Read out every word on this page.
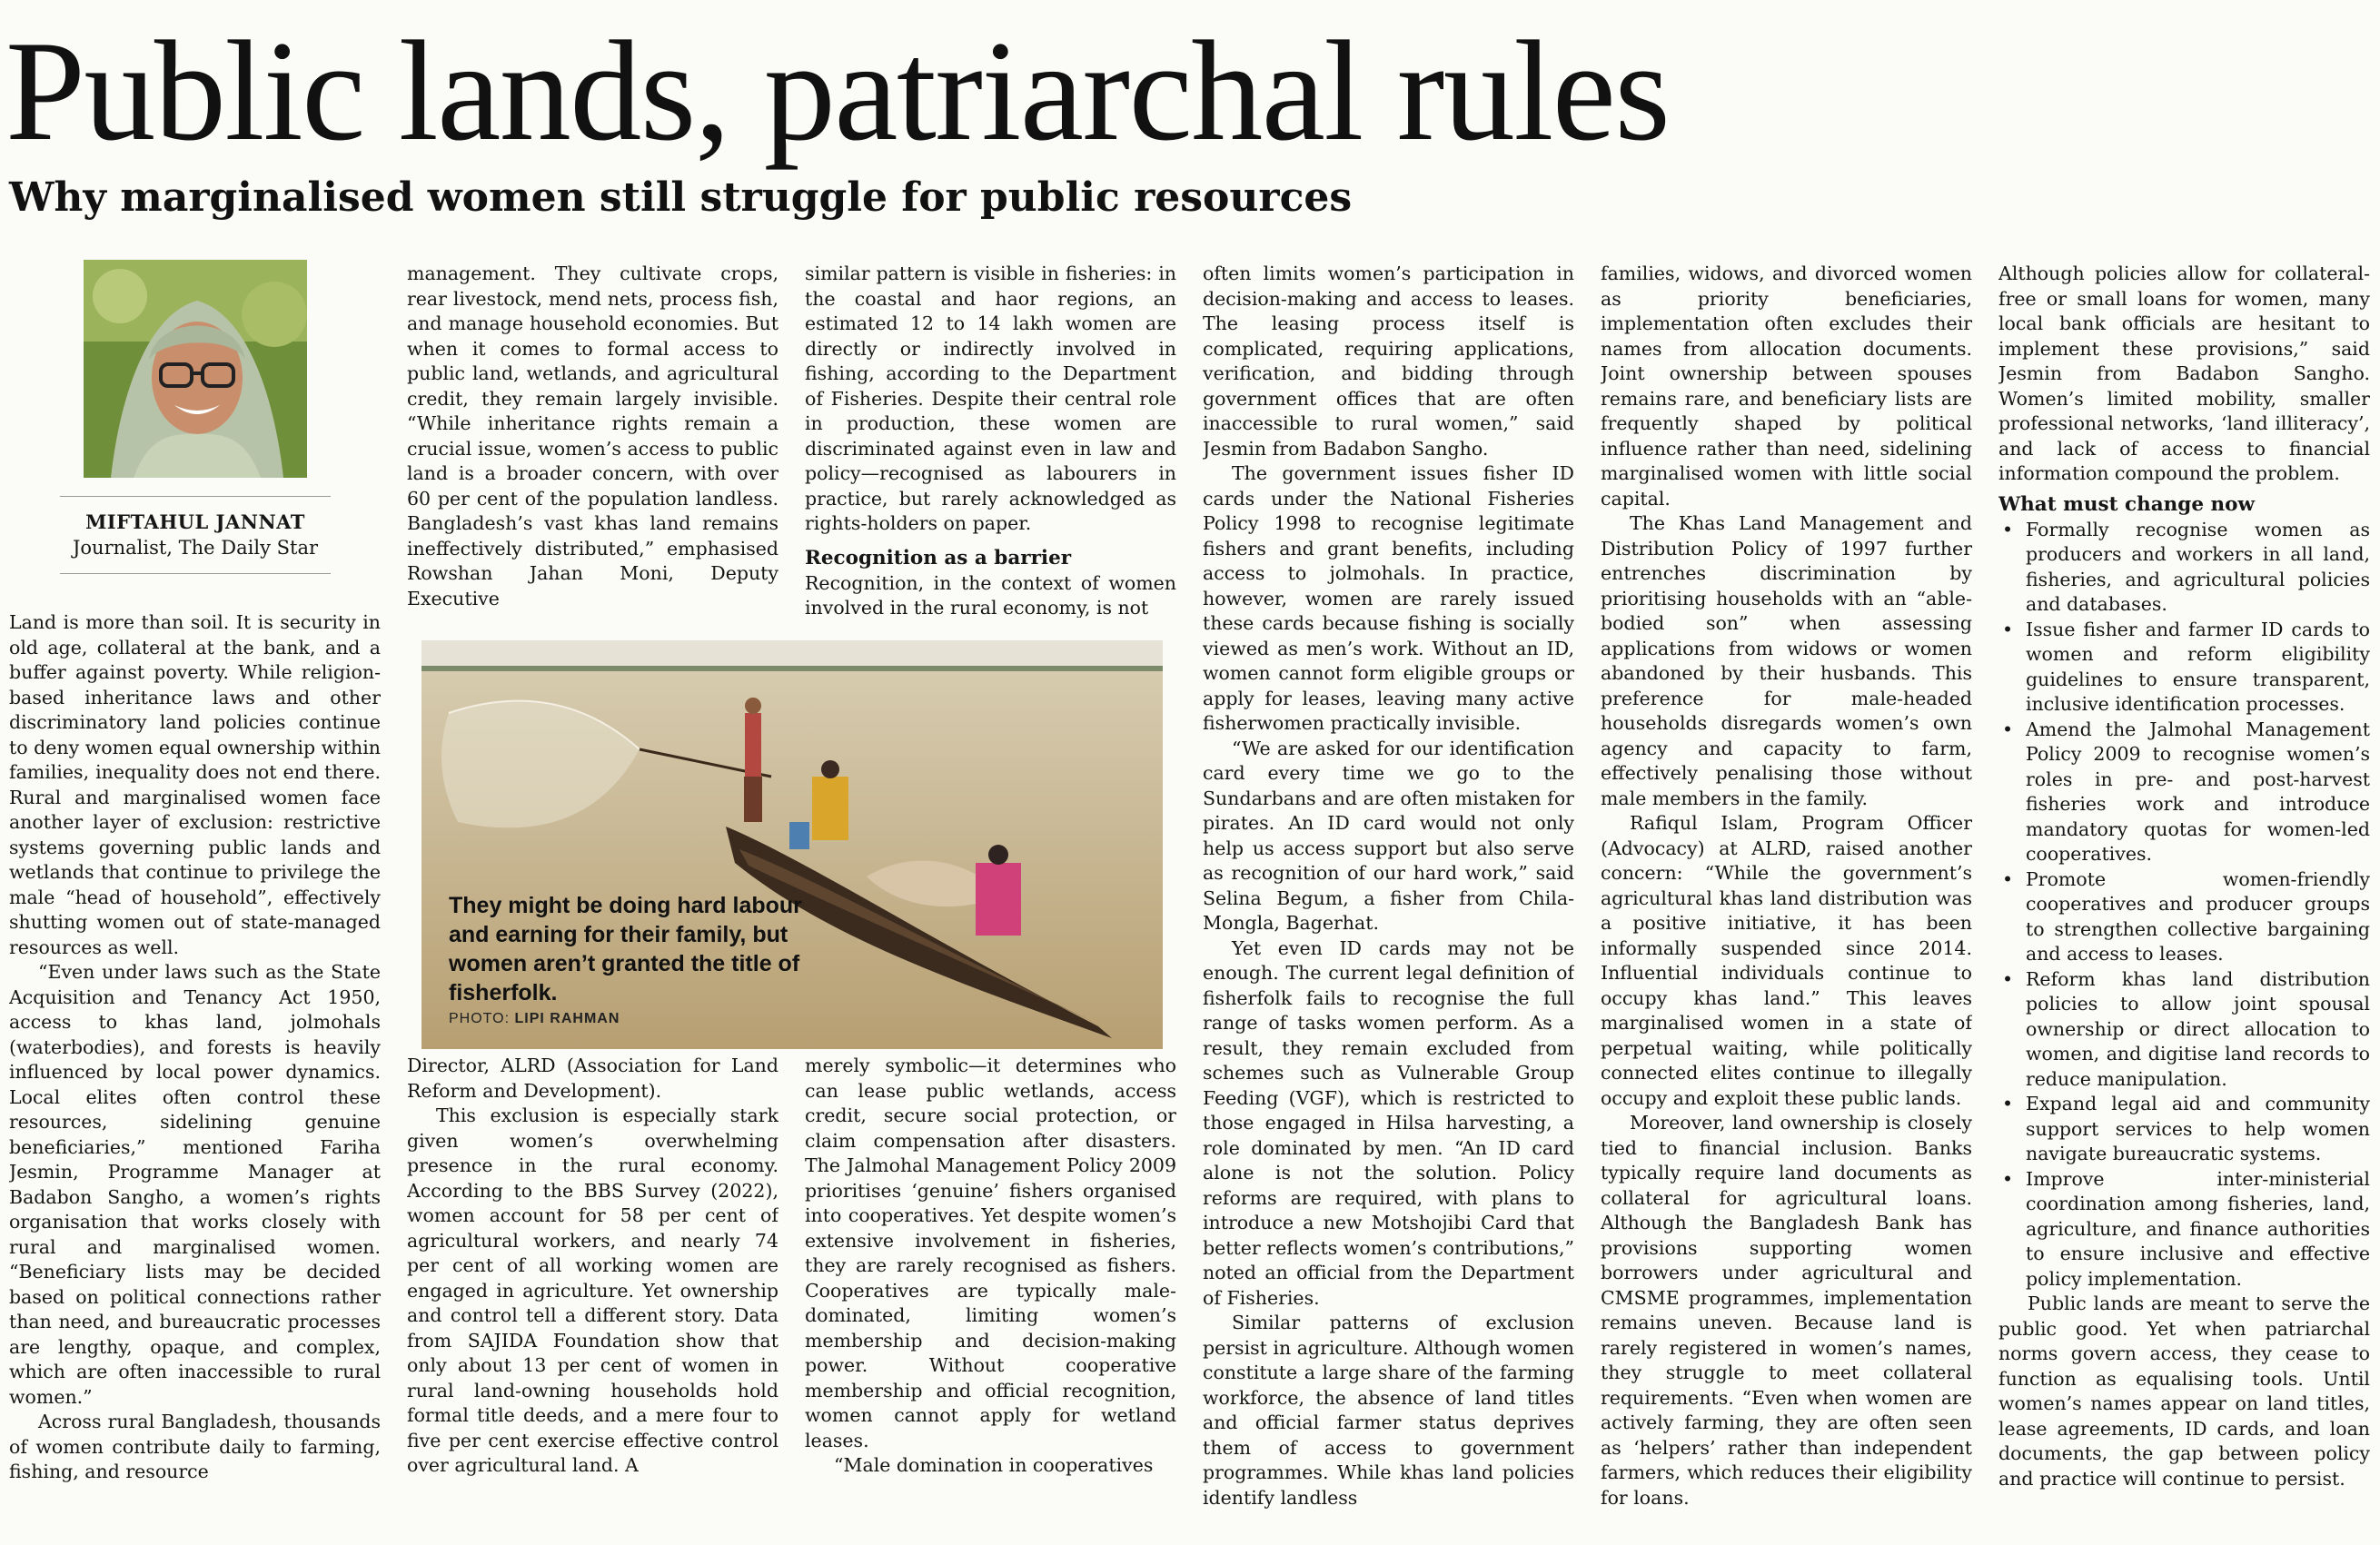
Public lands, patriarchal rules
Why marginalised women still struggle for public resources

MIFTAHUL JANNAT

Journalist, The Daily Star

Land is more than soil. It is security in old age, collateral at the bank, and a buffer against poverty. While religion-based inheritance laws and other discriminatory land policies continue to deny women equal ownership within families, inequality does not end there. Rural and marginalised women face another layer of exclusion: restrictive systems governing public lands and wetlands that continue to privilege the male “head of household”, effectively shutting women out of state-managed resources as well.

“Even under laws such as the State Acquisition and Tenancy Act 1950, access to khas land, jolmohals (waterbodies), and forests is heavily influenced by local power dynamics. Local elites often control these resources, sidelining genuine beneficiaries,” mentioned Fariha Jesmin, Programme Manager at Badabon Sangho, a women’s rights organisation that works closely with rural and marginalised women. “Beneficiary lists may be decided based on political connections rather than need, and bureaucratic processes are lengthy, opaque, and complex, which are often inaccessible to rural women.”

Across rural Bangladesh, thousands of women contribute daily to farming, fishing, and resource

management. They cultivate crops, rear livestock, mend nets, process fish, and manage household economies. But when it comes to formal access to public land, wetlands, and agricultural credit, they remain largely invisible. “While inheritance rights remain a crucial issue, women’s access to public land is a broader concern, with over 60 per cent of the population landless. Bangladesh’s vast khas land remains ineffectively distributed,” emphasised Rowshan Jahan Moni, Deputy Executive

similar pattern is visible in fisheries: in the coastal and haor regions, an estimated 12 to 14 lakh women are directly or indirectly involved in fishing, according to the Department of Fisheries. Despite their central role in production, these women are discriminated against even in law and policy—recognised as labourers in practice, but rarely acknowledged as rights-holders on paper.

Recognition as a barrier

Recognition, in the context of women involved in the rural economy, is not

They might be doing hard labour and earning for their family, but women aren’t granted the title of fisherfolk.
PHOTO: LIPI RAHMAN

Director, ALRD (Association for Land Reform and Development).

This exclusion is especially stark given women’s overwhelming presence in the rural economy. According to the BBS Survey (2022), women account for 58 per cent of agricultural workers, and nearly 74 per cent of all working women are engaged in agriculture. Yet ownership and control tell a different story. Data from SAJIDA Foundation show that only about 13 per cent of women in rural land-owning households hold formal title deeds, and a mere four to five per cent exercise effective control over agricultural land. A

merely symbolic—it determines who can lease public wetlands, access credit, secure social protection, or claim compensation after disasters. The Jalmohal Management Policy 2009 prioritises ‘genuine’ fishers organised into cooperatives. Yet despite women’s extensive involvement in fisheries, they are rarely recognised as fishers. Cooperatives are typically male-dominated, limiting women’s membership and decision-making power. Without cooperative membership and official recognition, women cannot apply for wetland leases.

“Male domination in cooperatives

often limits women’s participation in decision-making and access to leases. The leasing process itself is complicated, requiring applications, verification, and bidding through government offices that are often inaccessible to rural women,” said Jesmin from Badabon Sangho.

The government issues fisher ID cards under the National Fisheries Policy 1998 to recognise legitimate fishers and grant benefits, including access to jolmohals. In practice, however, women are rarely issued these cards because fishing is socially viewed as men’s work. Without an ID, women cannot form eligible groups or apply for leases, leaving many active fisherwomen practically invisible.

“We are asked for our identification card every time we go to the Sundarbans and are often mistaken for pirates. An ID card would not only help us access support but also serve as recognition of our hard work,” said Selina Begum, a fisher from Chila-Mongla, Bagerhat.

Yet even ID cards may not be enough. The current legal definition of fisherfolk fails to recognise the full range of tasks women perform. As a result, they remain excluded from schemes such as Vulnerable Group Feeding (VGF), which is restricted to those engaged in Hilsa harvesting, a role dominated by men. “An ID card alone is not the solution. Policy reforms are required, with plans to introduce a new Motshojibi Card that better reflects women’s contributions,” noted an official from the Department of Fisheries.

Similar patterns of exclusion persist in agriculture. Although women constitute a large share of the farming workforce, the absence of land titles and official farmer status deprives them of access to government programmes. While khas land policies identify landless

families, widows, and divorced women as priority beneficiaries, implementation often excludes their names from allocation documents. Joint ownership between spouses remains rare, and beneficiary lists are frequently shaped by political influence rather than need, sidelining marginalised women with little social capital.

The Khas Land Management and Distribution Policy of 1997 further entrenches discrimination by prioritising households with an “able-bodied son” when assessing applications from widows or women abandoned by their husbands. This preference for male-headed households disregards women’s own agency and capacity to farm, effectively penalising those without male members in the family.

Rafiqul Islam, Program Officer (Advocacy) at ALRD, raised another concern: “While the government’s agricultural khas land distribution was a positive initiative, it has been informally suspended since 2014. Influential individuals continue to occupy khas land.” This leaves marginalised women in a state of perpetual waiting, while politically connected elites continue to illegally occupy and exploit these public lands.

Moreover, land ownership is closely tied to financial inclusion. Banks typically require land documents as collateral for agricultural loans. Although the Bangladesh Bank has provisions supporting women borrowers under agricultural and CMSME programmes, implementation remains uneven. Because land is rarely registered in women’s names, they struggle to meet collateral requirements. “Even when women are actively farming, they are often seen as ‘helpers’ rather than independent farmers, which reduces their eligibility for loans.

Although policies allow for collateral-free or small loans for women, many local bank officials are hesitant to implement these provisions,” said Jesmin from Badabon Sangho. Women’s limited mobility, smaller professional networks, ‘land illiteracy’, and lack of access to financial information compound the problem.

What must change now
• Formally recognise women as producers and workers in all land, fisheries, and agricultural policies and databases.
• Issue fisher and farmer ID cards to women and reform eligibility guidelines to ensure transparent, inclusive identification processes.
• Amend the Jalmohal Management Policy 2009 to recognise women’s roles in pre- and post-harvest fisheries work and introduce mandatory quotas for women-led cooperatives.
• Promote women-friendly cooperatives and producer groups to strengthen collective bargaining and access to leases.
• Reform khas land distribution policies to allow joint spousal ownership or direct allocation to women, and digitise land records to reduce manipulation.
• Expand legal aid and community support services to help women navigate bureaucratic systems.
• Improve inter-ministerial coordination among fisheries, land, agriculture, and finance authorities to ensure inclusive and effective policy implementation.

Public lands are meant to serve the public good. Yet when patriarchal norms govern access, they cease to function as equalising tools. Until women’s names appear on land titles, lease agreements, ID cards, and loan documents, the gap between policy and practice will continue to persist.
